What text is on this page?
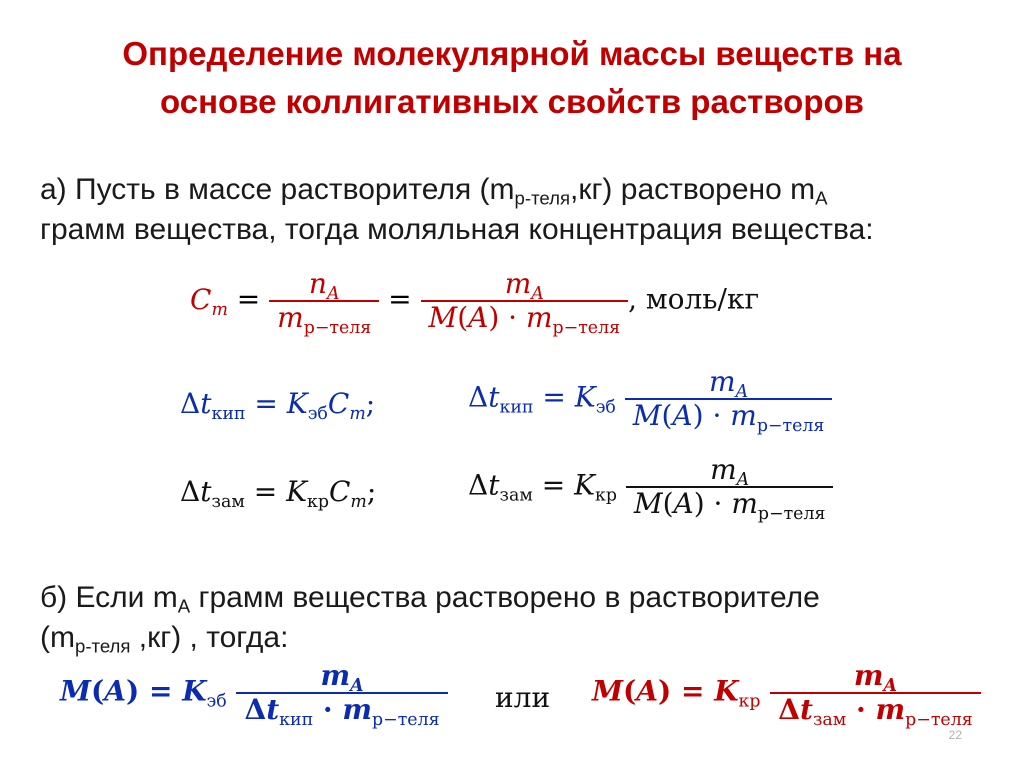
Определение молекулярной массы веществ на
основе коллигативных свойств растворов
а) Пусть в массе растворителя $(m_{р-теля},кг)$ растворено $m_A$
грамм вещества, тогда моляльная концентрация вещества:
$C_m = \frac{n_A}{m_{р-теля}} = \frac{m_A}{M(A) \cdot m_{р-теля}}$ , моль/кг
$\Delta t_{кип} = K_{эб}C_m$;	$\Delta t_{кип} = K_{эб} \frac{m_A}{M(A) \cdot m_{р-теля}}$
$\Delta t_{зам} = K_{кр}C_m$;	$\Delta t_{зам} = K_{кр} \frac{m_A}{M(A) \cdot m_{р-теля}}$
б) Если $m_A$ грамм вещества растворено в растворителе
($m_{р-теля}$ ,кг) , тогда:
$M(A) = K_{эб} \frac{m_A}{\Delta t_{кип} \cdot m_{р-теля}}$ или $M(A) = K_{кр} \frac{m_A}{\Delta t_{зам} \cdot m_{р-теля}}$
22
